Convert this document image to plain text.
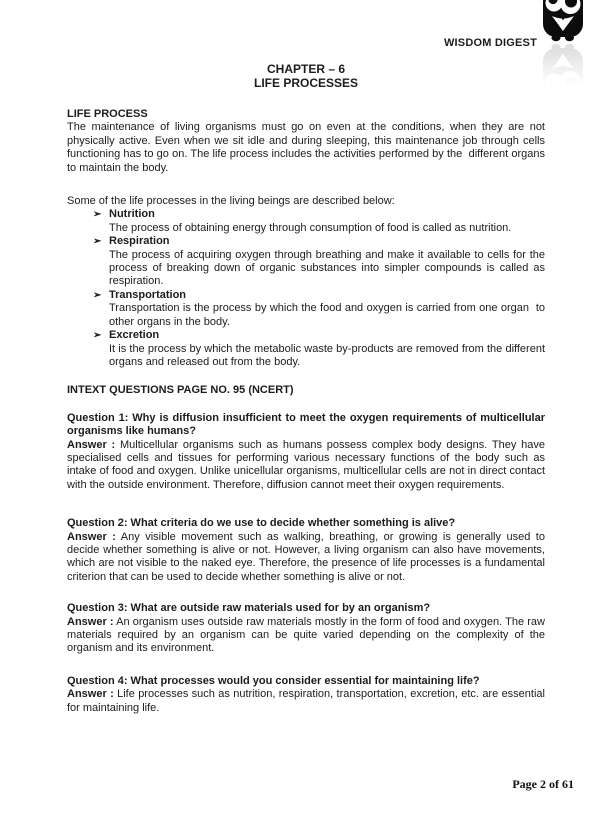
WISDOM DIGEST
CHAPTER – 6
LIFE PROCESSES
LIFE PROCESS

The maintenance of living organisms must go on even at the conditions, when they are not physically active. Even when we sit idle and during sleeping, this maintenance job through cells functioning has to go on. The life process includes the activities performed by the  different organs to maintain the body.

Some of the life processes in the living beings are described below:

➢ Nutrition

The process of obtaining energy through consumption of food is called as nutrition.

➢ Respiration

The process of acquiring oxygen through breathing and make it available to cells for the process of breaking down of organic substances into simpler compounds is called as respiration.

➢ Transportation

Transportation is the process by which the food and oxygen is carried from one organ  to other organs in the body.

➢ Excretion

It is the process by which the metabolic waste by-products are removed from the different organs and released out from the body.

INTEXT QUESTIONS PAGE NO. 95 (NCERT)
Question 1: Why is diffusion insufficient to meet the oxygen requirements of multicellular organisms like humans?

Answer : Multicellular organisms such as humans possess complex body designs. They have specialised cells and tissues for performing various necessary functions of the body such as intake of food and oxygen. Unlike unicellular organisms, multicellular cells are not in direct contact with the outside environment. Therefore, diffusion cannot meet their oxygen requirements.

Question 2: What criteria do we use to decide whether something is alive?

Answer : Any visible movement such as walking, breathing, or growing is generally used to decide whether something is alive or not. However, a living organism can also have movements, which are not visible to the naked eye. Therefore, the presence of life processes is a fundamental criterion that can be used to decide whether something is alive or not.

Question 3: What are outside raw materials used for by an organism?

Answer : An organism uses outside raw materials mostly in the form of food and oxygen. The raw materials required by an organism can be quite varied depending on the complexity of the organism and its environment.

Question 4: What processes would you consider essential for maintaining life?

Answer : Life processes such as nutrition, respiration, transportation, excretion, etc. are essential for maintaining life.

Page 2 of 61
